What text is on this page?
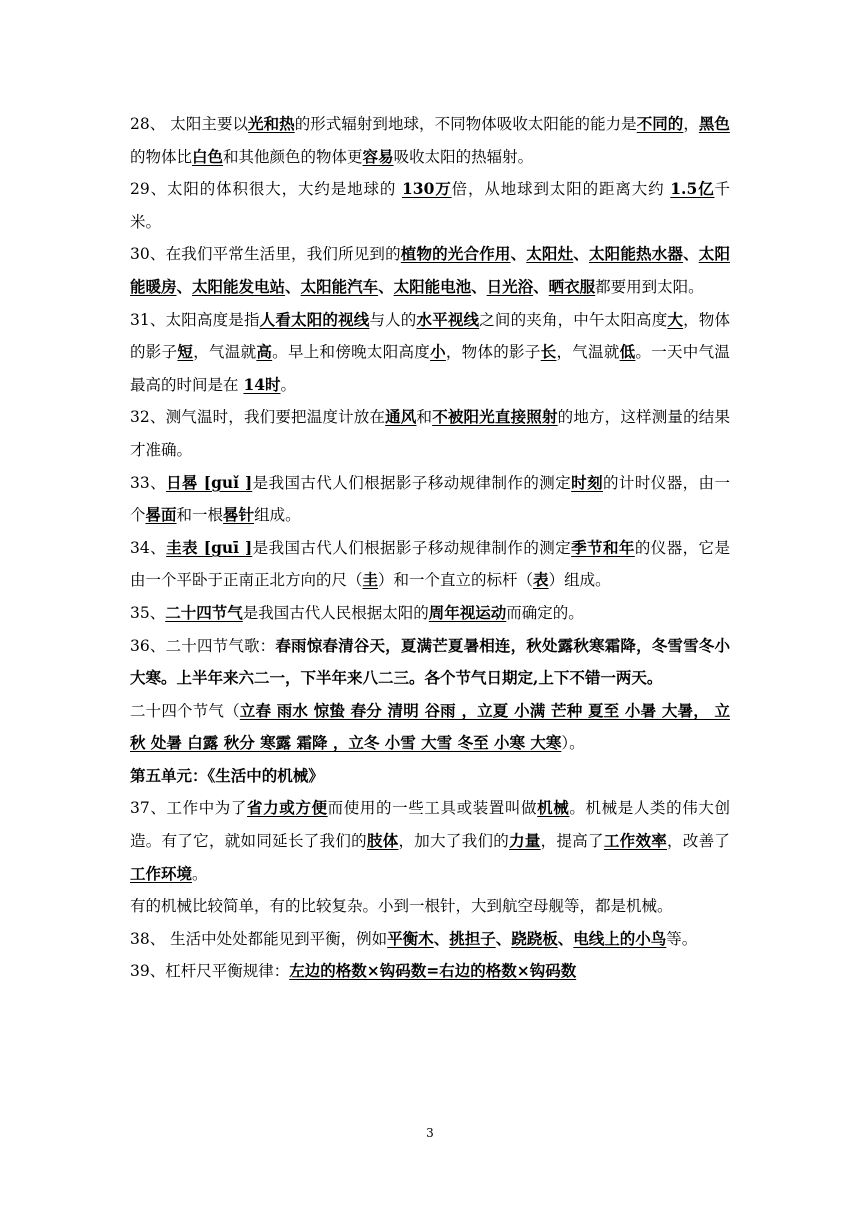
28、 太阳主要以光和热的形式辐射到地球，不同物体吸收太阳能的能力是不同的，黑色的物体比白色和其他颜色的物体更容易吸收太阳的热辐射。

29、太阳的体积很大，大约是地球的 130万倍，从地球到太阳的距离大约 1.5亿千米。

30、在我们平常生活里，我们所见到的植物的光合作用、太阳灶、太阳能热水器、太阳能暖房、太阳能发电站、太阳能汽车、太阳能电池、日光浴、晒衣服都要用到太阳。

31、太阳高度是指人看太阳的视线与人的水平视线之间的夹角，中午太阳高度大，物体的影子短，气温就高。早上和傍晚太阳高度小，物体的影子长，气温就低。一天中气温最高的时间是在 14时。

32、测气温时，我们要把温度计放在通风和不被阳光直接照射的地方，这样测量的结果才准确。

33、日晷 [guǐ ]是我国古代人们根据影子移动规律制作的测定时刻的计时仪器，由一个晷面和一根晷针组成。

34、圭表 [guī ]是我国古代人们根据影子移动规律制作的测定季节和年的仪器，它是由一个平卧于正南正北方向的尺（圭）和一个直立的标杆（表）组成。

35、二十四节气是我国古代人民根据太阳的周年视运动而确定的。

36、二十四节气歌：春雨惊春清谷天，夏满芒夏暑相连，秋处露秋寒霜降，冬雪雪冬小大寒。上半年来六二一，下半年来八二三。各个节气日期定,上下不错一两天。

二十四个节气（立春 雨水 惊蛰 春分 清明 谷雨 ，立夏 小满 芒种 夏至 小暑 大暑， 立秋 处暑 白露 秋分 寒露 霜降 ，立冬 小雪 大雪 冬至 小寒 大寒）。

第五单元：《生活中的机械》

37、工作中为了省力或方便而使用的一些工具或装置叫做机械。机械是人类的伟大创造。有了它，就如同延长了我们的肢体，加大了我们的力量，提高了工作效率，改善了工作环境。

有的机械比较简单，有的比较复杂。小到一根针，大到航空母舰等，都是机械。

38、 生活中处处都能见到平衡，例如平衡木、挑担子、跷跷板、电线上的小鸟等。

39、杠杆尺平衡规律：左边的格数×钩码数=右边的格数×钩码数

3
